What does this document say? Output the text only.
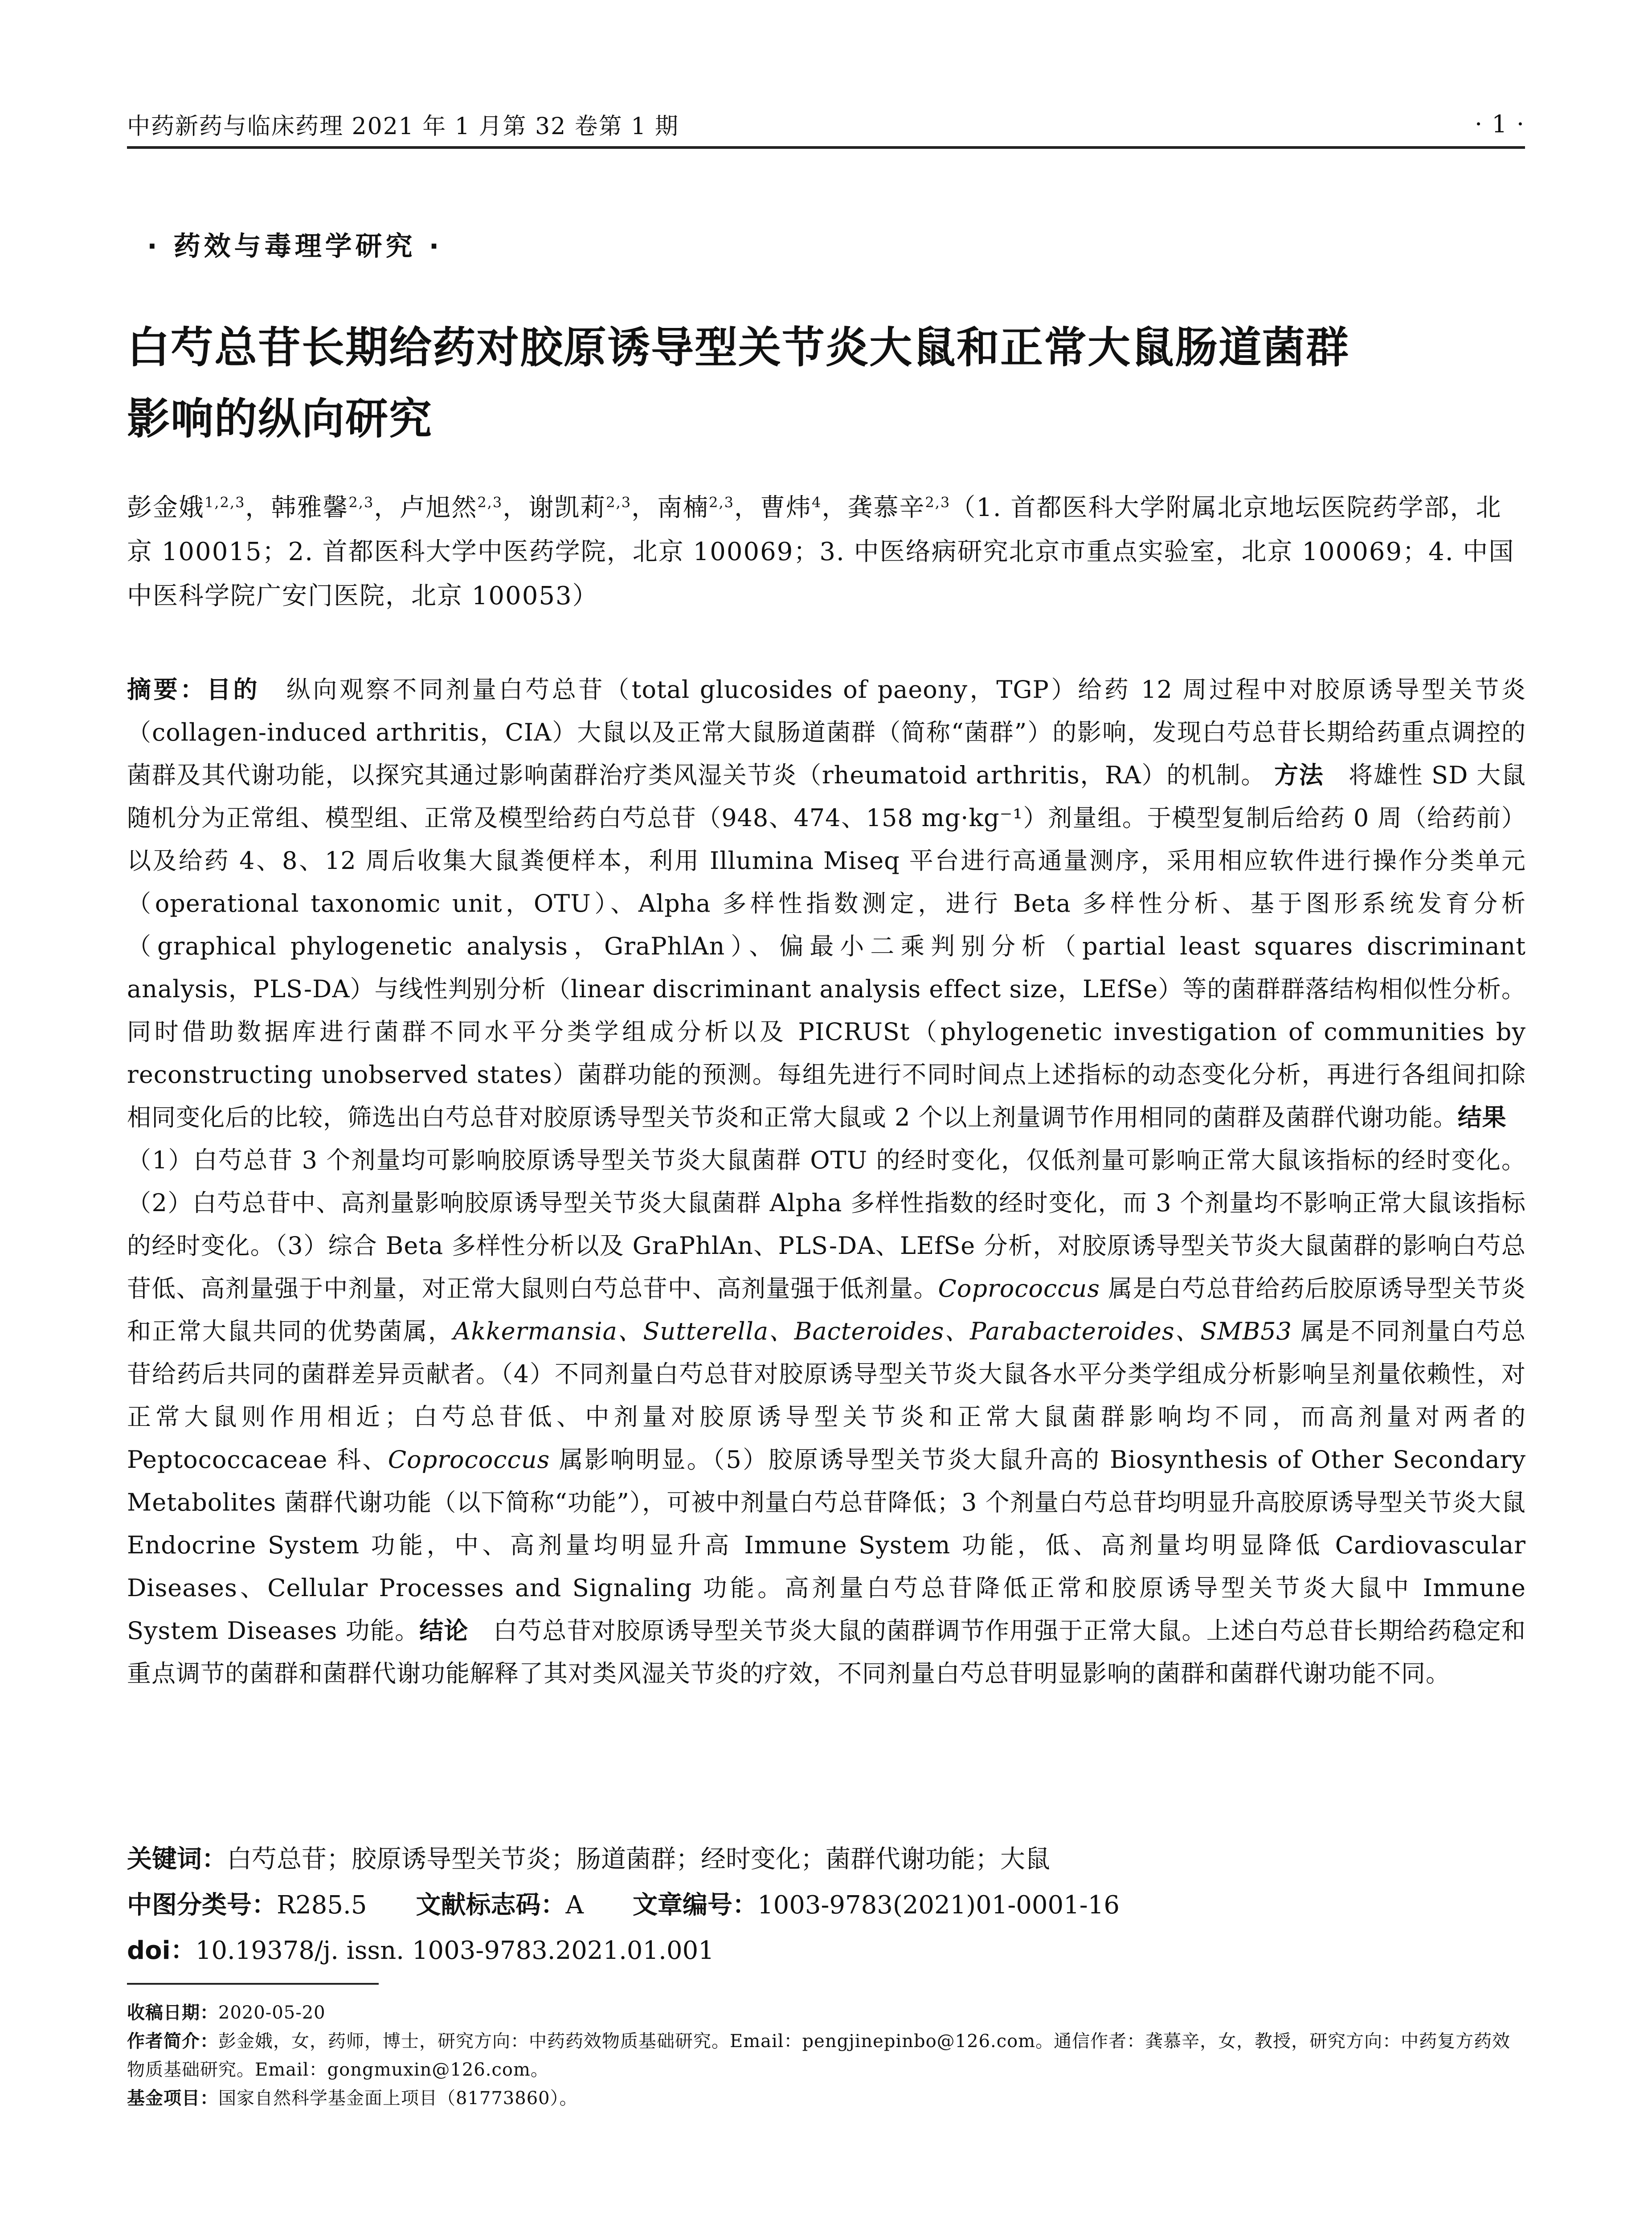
中药新药与临床药理 2021 年 1 月第 32 卷第 1 期	· 1 ·
· 药效与毒理学研究 ·
白芍总苷长期给药对胶原诱导型关节炎大鼠和正常大鼠肠道菌群
影响的纵向研究
彭金娥$^{1,2,3}$，韩雅馨$^{2,3}$，卢旭然$^{2,3}$，谢凯莉$^{2,3}$，南楠$^{2,3}$，曹炜$^4$，龚慕辛$^{2,3}$（1. 首都医科大学附属北京地坛医院药学部，北京 100015；2. 首都医科大学中医药学院，北京 100069；3. 中医络病研究北京市重点实验室，北京 100069；4. 中国中医科学院广安门医院，北京 100053）
摘要：目的　纵向观察不同剂量白芍总苷（total glucosides of paeony，TGP）给药 12 周过程中对胶原诱导型关节炎（collagen-induced arthritis，CIA）大鼠以及正常大鼠肠道菌群（简称“菌群”）的影响，发现白芍总苷长期给药重点调控的菌群及其代谢功能，以探究其通过影响菌群治疗类风湿关节炎（rheumatoid arthritis，RA）的机制。 方法　将雄性 SD 大鼠随机分为正常组、模型组、正常及模型给药白芍总苷（948、474、158 mg·kg⁻¹）剂量组。于模型复制后给药 0 周（给药前）以及给药 4、8、12 周后收集大鼠粪便样本，利用 Illumina Miseq 平台进行高通量测序，采用相应软件进行操作分类单元（operational taxonomic unit，OTU）、Alpha 多样性指数测定，进行 Beta 多样性分析、基于图形系统发育分析（graphical phylogenetic analysis，GraPhlAn）、偏最小二乘判别分析（partial least squares discriminant analysis，PLS-DA）与线性判别分析（linear discriminant analysis effect size，LEfSe）等的菌群群落结构相似性分析。同时借助数据库进行菌群不同水平分类学组成分析以及 PICRUSt（phylogenetic investigation of communities by reconstructing unobserved states）菌群功能的预测。每组先进行不同时间点上述指标的动态变化分析，再进行各组间扣除相同变化后的比较，筛选出白芍总苷对胶原诱导型关节炎和正常大鼠或 2 个以上剂量调节作用相同的菌群及菌群代谢功能。结果　（1）白芍总苷 3 个剂量均可影响胶原诱导型关节炎大鼠菌群 OTU 的经时变化，仅低剂量可影响正常大鼠该指标的经时变化。（2）白芍总苷中、高剂量影响胶原诱导型关节炎大鼠菌群 Alpha 多样性指数的经时变化，而 3 个剂量均不影响正常大鼠该指标的经时变化。（3）综合 Beta 多样性分析以及 GraPhlAn、PLS-DA、LEfSe 分析，对胶原诱导型关节炎大鼠菌群的影响白芍总苷低、高剂量强于中剂量，对正常大鼠则白芍总苷中、高剂量强于低剂量。Coprococcus 属是白芍总苷给药后胶原诱导型关节炎和正常大鼠共同的优势菌属，Akkermansia、Sutterella、Bacteroides、Parabacteroides、SMB53 属是不同剂量白芍总苷给药后共同的菌群差异贡献者。（4）不同剂量白芍总苷对胶原诱导型关节炎大鼠各水平分类学组成分析影响呈剂量依赖性，对正常大鼠则作用相近；白芍总苷低、中剂量对胶原诱导型关节炎和正常大鼠菌群影响均不同，而高剂量对两者的 Peptococcaceae 科、Coprococcus 属影响明显。（5）胶原诱导型关节炎大鼠升高的 Biosynthesis of Other Secondary Metabolites 菌群代谢功能（以下简称“功能”），可被中剂量白芍总苷降低；3 个剂量白芍总苷均明显升高胶原诱导型关节炎大鼠 Endocrine System 功能，中、高剂量均明显升高 Immune System 功能，低、高剂量均明显降低 Cardiovascular Diseases、Cellular Processes and Signaling 功能。高剂量白芍总苷降低正常和胶原诱导型关节炎大鼠中 Immune System Diseases 功能。结论　白芍总苷对胶原诱导型关节炎大鼠的菌群调节作用强于正常大鼠。上述白芍总苷长期给药稳定和重点调节的菌群和菌群代谢功能解释了其对类风湿关节炎的疗效，不同剂量白芍总苷明显影响的菌群和菌群代谢功能不同。
关键词：白芍总苷；胶原诱导型关节炎；肠道菌群；经时变化；菌群代谢功能；大鼠
中图分类号：R285.5 文献标志码：A 文章编号：1003-9783(2021)01-0001-16
doi：10.19378/j. issn. 1003-9783.2021.01.001
收稿日期：2020-05-20
作者简介：彭金娥，女，药师，博士，研究方向：中药药效物质基础研究。Email：pengjinepinbo@126.com。通信作者：龚慕辛，女，教授，研究方向：中药复方药效物质基础研究。Email：gongmuxin@126.com。
基金项目：国家自然科学基金面上项目（81773860）。
